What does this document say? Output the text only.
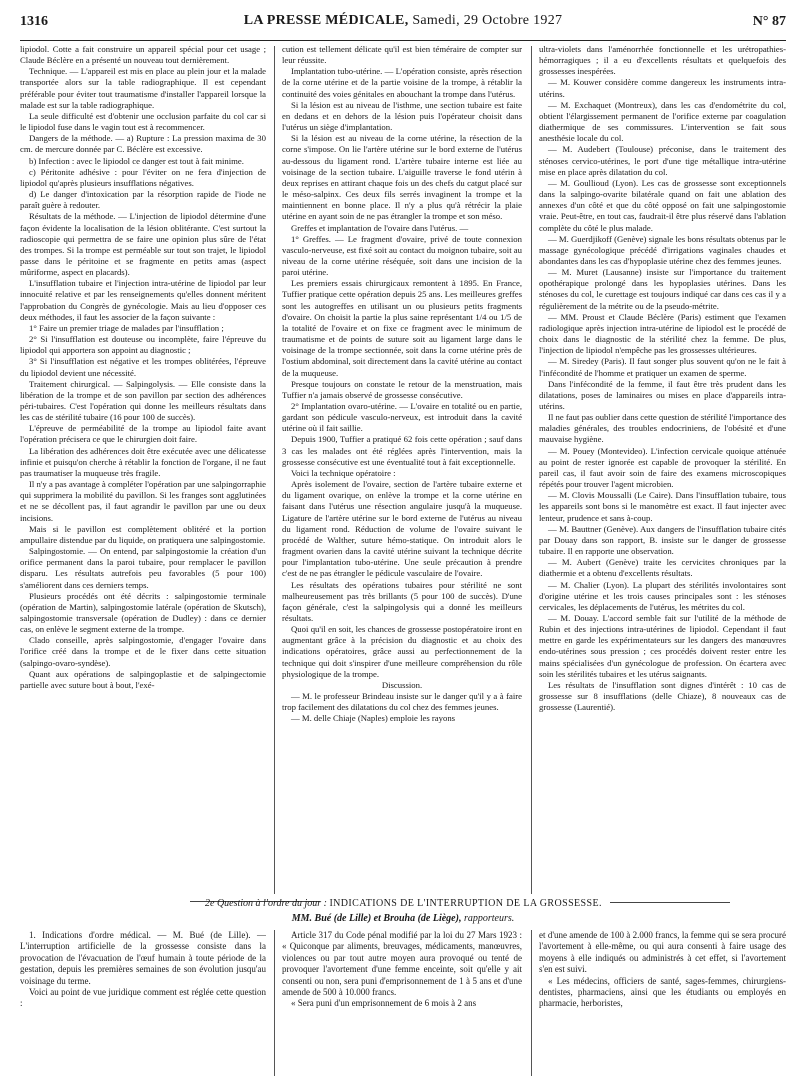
1316	LA PRESSE MÉDICALE, Samedi, 29 Octobre 1927	N° 87

lipiodol. Cotte a fait construire un appareil spécial pour cet usage ; Claude Béclère en a présenté un nouveau tout dernièrement.

Technique. — L'appareil est mis en place au plein jour et la malade transportée alors sur la table radiographique. Il est cependant préférable pour éviter tout traumatisme d'installer l'appareil lorsque la malade est sur la table radiographique.

La seule difficulté est d'obtenir une occlusion parfaite du col car si le lipiodol fuse dans le vagin tout est à recommencer.

Dangers de la méthode. — a) Rupture : La pression maxima de 30 cm. de mercure donnée par C. Béclère est excessive.

b) Infection : avec le lipiodol ce danger est tout à fait minime.

c) Péritonite adhésive : pour l'éviter on ne fera d'injection de lipiodol qu'après plusieurs insufflations négatives.

d) Le danger d'intoxication par la résorption rapide de l'iode ne paraît guère à redouter.

Résultats de la méthode. — L'injection de lipiodol détermine d'une façon évidente la localisation de la lésion oblitérante. C'est surtout la radioscopie qui permettra de se faire une opinion plus sûre de l'état des trompes. Si la trompe est perméable sur tout son trajet, le lipiodol passe dans le péritoine et se fragmente en petits amas (aspect mûriforme, aspect en placards).

L'insufflation tubaire et l'injection intra-utérine de lipiodol par leur innocuité relative et par les renseignements qu'elles donnent méritent l'approbation du Congrès de gynécologie. Mais au lieu d'opposer ces deux méthodes, il faut les associer de la façon suivante :

1° Faire un premier triage de malades par l'insufflation ;

2° Si l'insufflation est douteuse ou incomplète, faire l'épreuve du lipiodol qui apportera son appoint au diagnostic ;

3° Si l'insufflation est négative et les trompes oblitérées, l'épreuve du lipiodol devient une nécessité.

Traitement chirurgical. — Salpingolysis. — Elle consiste dans la libération de la trompe et de son pavillon par section des adhérences péri-tubaires. C'est l'opération qui donne les meilleurs résultats dans les cas de stérilité tubaire (16 pour 100 de succès).

L'épreuve de perméabilité de la trompe au lipiodol faite avant l'opération précisera ce que le chirurgien doit faire.

La libération des adhérences doit être exécutée avec une délicatesse infinie et puisqu'on cherche à rétablir la fonction de l'organe, il ne faut pas traumatiser la muqueuse très fragile.

Il n'y a pas avantage à compléter l'opération par une salpingorraphie qui supprimera la mobilité du pavillon. Si les franges sont agglutinées et ne se décollent pas, il faut agrandir le pavillon par une ou deux incisions.

Mais si le pavillon est complètement oblitéré et la portion ampullaire distendue par du liquide, on pratiquera une salpingostomie.

Salpingostomie. — On entend, par salpingostomie la création d'un orifice permanent dans la paroi tubaire, pour remplacer le pavillon disparu. Les résultats autrefois peu favorables (5 pour 100) s'améliorent dans ces derniers temps.

Plusieurs procédés ont été décrits : salpingostomie terminale (opération de Martin), salpingostomie latérale (opération de Skutsch), salpingostomie transversale (opération de Dudley) : dans ce dernier cas, on enlève le segment externe de la trompe.

Clado conseille, après salpingostomie, d'engager l'ovaire dans l'orifice créé dans la trompe et de le fixer dans cette situation (salpingo-ovaro-syndèse).

Quant aux opérations de salpingoplastie et de salpingectomie partielle avec suture bout à bout, l'exé-

cution est tellement délicate qu'il est bien téméraire de compter sur leur réussite.

Implantation tubo-utérine. — L'opération consiste, après résection de la corne utérine et de la partie voisine de la trompe, à rétablir la continuité des voies génitales en abouchant la trompe dans l'utérus.

Si la lésion est au niveau de l'isthme, une section tubaire est faite en dedans et en dehors de la lésion puis l'opérateur choisit dans l'utérus un siège d'implantation.

Si la lésion est au niveau de la corne utérine, la résection de la corne s'impose. On lie l'artère utérine sur le bord externe de l'utérus au-dessous du ligament rond. L'artère tubaire interne est liée au voisinage de la section tubaire. L'aiguille traverse le fond utérin à deux reprises en attirant chaque fois un des chefs du catgut placé sur le méso-salpinx. Ces deux fils serrés invaginent la trompe et la maintiennent en bonne place. Il n'y a plus qu'à rétrécir la plaie utérine en ayant soin de ne pas étrangler la trompe et son méso.

Greffes et implantation de l'ovaire dans l'utérus. —

1° Greffes. — Le fragment d'ovaire, privé de toute connexion vasculo-nerveuse, est fixé soit au contact du moignon tubaire, soit au niveau de la corne utérine réséquée, soit dans une incision de la paroi utérine.

Les premiers essais chirurgicaux remontent à 1895. En France, Tuffier pratique cette opération depuis 25 ans. Les meilleures greffes sont les autogreffes en utilisant un ou plusieurs petits fragments d'ovaire. On choisit la partie la plus saine représentant 1/4 ou 1/5 de la totalité de l'ovaire et on fixe ce fragment avec le minimum de traumatisme et de points de suture soit au ligament large dans le voisinage de la trompe sectionnée, soit dans la corne utérine près de l'ostium abdominal, soit directement dans la cavité utérine au contact de la muqueuse.

Presque toujours on constate le retour de la menstruation, mais Tuffier n'a jamais observé de grossesse consécutive.

2° Implantation ovaro-utérine. — L'ovaire en totalité ou en partie, gardant son pédicule vasculo-nerveux, est introduit dans la cavité utérine où il fait saillie.

Depuis 1900, Tuffier a pratiqué 62 fois cette opération ; sauf dans 3 cas les malades ont été réglées après l'intervention, mais la grossesse consécutive est une éventualité tout à fait exceptionnelle.

Voici la technique opératoire :

Après isolement de l'ovaire, section de l'artère tubaire externe et du ligament ovarique, on enlève la trompe et la corne utérine en faisant dans l'utérus une résection angulaire jusqu'à la muqueuse. Ligature de l'artère utérine sur le bord externe de l'utérus au niveau du ligament rond. Réduction de volume de l'ovaire suivant le procédé de Walther, suture hémo-statique. On introduit alors le fragment ovarien dans la cavité utérine suivant la technique décrite pour l'implantation tubo-utérine. Une seule précaution à prendre c'est de ne pas étrangler le pédicule vasculaire de l'ovaire.

Les résultats des opérations tubaires pour stérilité ne sont malheureusement pas très brillants (5 pour 100 de succès). D'une façon générale, c'est la salpingolysis qui a donné les meilleurs résultats.

Quoi qu'il en soit, les chances de grossesse postopératoire iront en augmentant grâce à la précision du diagnostic et au choix des indications opératoires, grâce aussi au perfectionnement de la technique qui doit s'inspirer d'une meilleure compréhension du rôle physiologique de la trompe.

Discussion.

— M. le professeur Brindeau insiste sur le danger qu'il y a à faire trop facilement des dilatations du col chez des femmes jeunes.

— M. delle Chiaje (Naples) emploie les rayons

ultra-violets dans l'aménorrhée fonctionnelle et les urétropathies-hémorragiques ; il a eu d'excellents résultats et quelquefois des grossesses inespérées.

— M. Kouwer considère comme dangereux les instruments intra-utérins.

— M. Exchaquet (Montreux), dans les cas d'endométrite du col, obtient l'élargissement permanent de l'orifice externe par coagulation diathermique de ses commissures. L'intervention se fait sous anesthésie locale du col.

— M. Audebert (Toulouse) préconise, dans le traitement des sténoses cervico-utérines, le port d'une tige métallique intra-utérine mise en place après dilatation du col.

— M. Goullioud (Lyon). Les cas de grossesse sont exceptionnels dans la salpingo-ovarite bilatérale quand on fait une ablation des annexes d'un côté et que du côté opposé on fait une salpingostomie vraie. Peut-être, en tout cas, faudrait-il être plus réservé dans l'ablation complète du côté le plus malade.

— M. Guerdjikoff (Genève) signale les bons résultats obtenus par le massage gynécologique précédé d'irrigations vaginales chaudes et abondantes dans les cas d'hypoplasie utérine chez des femmes jeunes.

— M. Muret (Lausanne) insiste sur l'importance du traitement opothérapique prolongé dans les hypoplasies utérines. Dans les sténoses du col, le curettage est toujours indiqué car dans ces cas il y a régulièrement de la métrite ou de la pseudo-métrite.

— MM. Proust et Claude Béclère (Paris) estiment que l'examen radiologique après injection intra-utérine de lipiodol est le procédé de choix dans le diagnostic de la stérilité chez la femme. De plus, l'injection de lipiodol n'empêche pas les grossesses ultérieures.

— M. Siredey (Paris). Il faut songer plus souvent qu'on ne le fait à l'infécondité de l'homme et pratiquer un examen de sperme.

Dans l'infécondité de la femme, il faut être très prudent dans les dilatations, poses de laminaires ou mises en place d'appareils intra-utérins.

Il ne faut pas oublier dans cette question de stérilité l'importance des maladies générales, des troubles endocriniens, de l'obésité et d'une mauvaise hygiène.

— M. Pouey (Montevideo). L'infection cervicale quoique atténuée au point de rester ignorée est capable de provoquer la stérilité. En pareil cas, il faut avoir soin de faire des examens microscopiques répétés pour trouver l'agent microbien.

— M. Clovis Moussalli (Le Caire). Dans l'insufflation tubaire, tous les appareils sont bons si le manomètre est exact. Il faut injecter avec lenteur, prudence et sans à-coup.

— M. Bauttner (Genève). Aux dangers de l'insufflation tubaire cités par Douay dans son rapport, B. insiste sur le danger de grossesse tubaire. Il en rapporte une observation.

— M. Aubert (Genève) traite les cervicites chroniques par la diathermie et a obtenu d'excellents résultats.

— M. Chalier (Lyon). La plupart des stérilités involontaires sont d'origine utérine et les trois causes principales sont : les sténoses cervicales, les déplacements de l'utérus, les métrites du col.

— M. Douay. L'accord semble fait sur l'utilité de la méthode de Rubin et des injections intra-utérines de lipiodol. Cependant il faut mettre en garde les expérimentateurs sur les dangers des manœuvres endo-utérines sous pression ; ces procédés doivent rester entre les mains spécialisées d'un gynécologue de profession. On écartera avec soin les stérilités tubaires et les utérus saignants.

Les résultats de l'insufflation sont dignes d'intérêt : 10 cas de grossesse sur 8 insufflations (delle Chiaze), 8 nouveaux cas de grossesse (Laurentié).

2e Question à l'ordre du jour : INDICATIONS DE L'INTERRUPTION DE LA GROSSESSE.
MM. Bué (de Lille) et Brouha (de Liège), rapporteurs.

1. Indications d'ordre médical. — M. Bué (de Lille). — L'interruption artificielle de la grossesse consiste dans la provocation de l'évacuation de l'œuf humain à toute période de la gestation, depuis les premières semaines de son évolution jusqu'au voisinage du terme.

Voici au point de vue juridique comment est réglée cette question :

Article 317 du Code pénal modifié par la loi du 27 Mars 1923 : « Quiconque par aliments, breuvages, médicaments, manœuvres, violences ou par tout autre moyen aura provoqué ou tenté de provoquer l'avortement d'une femme enceinte, soit qu'elle y ait consenti ou non, sera puni d'emprisonnement de 1 à 5 ans et d'une amende de 500 à 10.000 francs.

« Sera puni d'un emprisonnement de 6 mois à 2 ans

et d'une amende de 100 à 2.000 francs, la femme qui se sera procuré l'avortement à elle-même, ou qui aura consenti à faire usage des moyens à elle indiqués ou administrés à cet effet, si l'avortement s'en est suivi.

« Les médecins, officiers de santé, sages-femmes, chirurgiens-dentistes, pharmaciens, ainsi que les étudiants ou employés en pharmacie, herboristes,
